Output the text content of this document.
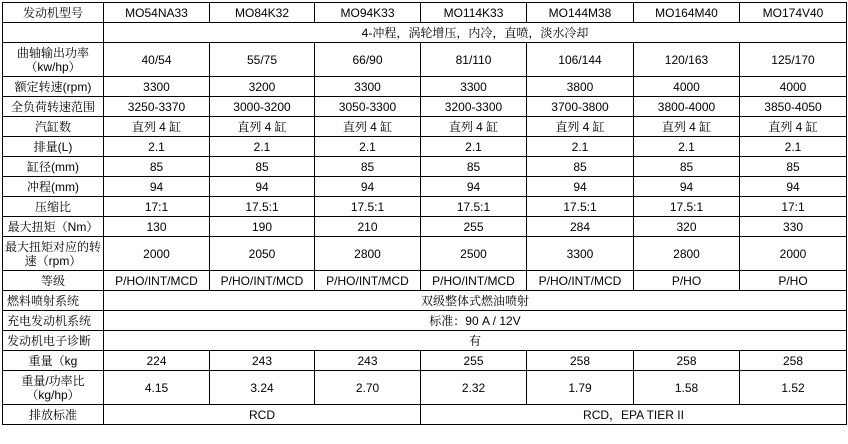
发动机型号	MO54NA33	MO84K32	MO94K33	MO114K33	MO144M38	MO164M40	MO174V40
	4-冲程，涡轮增压，内冷，直喷，淡水冷却						
曲轴输出功率（kw/hp）	40/54	55/75	66/90	81/110	106/144	120/163	125/170
额定转速(rpm)	3300	3200	3300	3300	3800	4000	4000
全负荷转速范围	3250-3370	3000-3200	3050-3300	3200-3300	3700-3800	3800-4000	3850-4050
汽缸数	直列 4 缸	直列 4 缸	直列 4 缸	直列 4 缸	直列 4 缸	直列 4 缸	直列 4 缸
排量(L)	2.1	2.1	2.1	2.1	2.1	2.1	2.1
缸径(mm)	85	85	85	85	85	85	85
冲程(mm)	94	94	94	94	94	94	94
压缩比	17:1	17.5:1	17.5:1	17.5:1	17.5:1	17.5:1	17:1
最大扭矩（Nm）	130	190	210	255	284	320	330
最大扭矩对应的转速（rpm）	2000	2050	2800	2500	3300	2800	2000
等级	P/HO/INT/MCD	P/HO/INT/MCD	P/HO/INT/MCD	P/HO/INT/MCD	P/HO/INT/MCD	P/HO	P/HO
燃料喷射系统	双级整体式燃油喷射						
充电发动机系统	标准：90 A / 12V						
发动机电子诊断	有						
重量（kg	224	243	243	255	258	258	258
重量/功率比（kg/hp）	4.15	3.24	2.70	2.32	1.79	1.58	1.52
排放标准	RCD			RCD，EPA TIER II			
